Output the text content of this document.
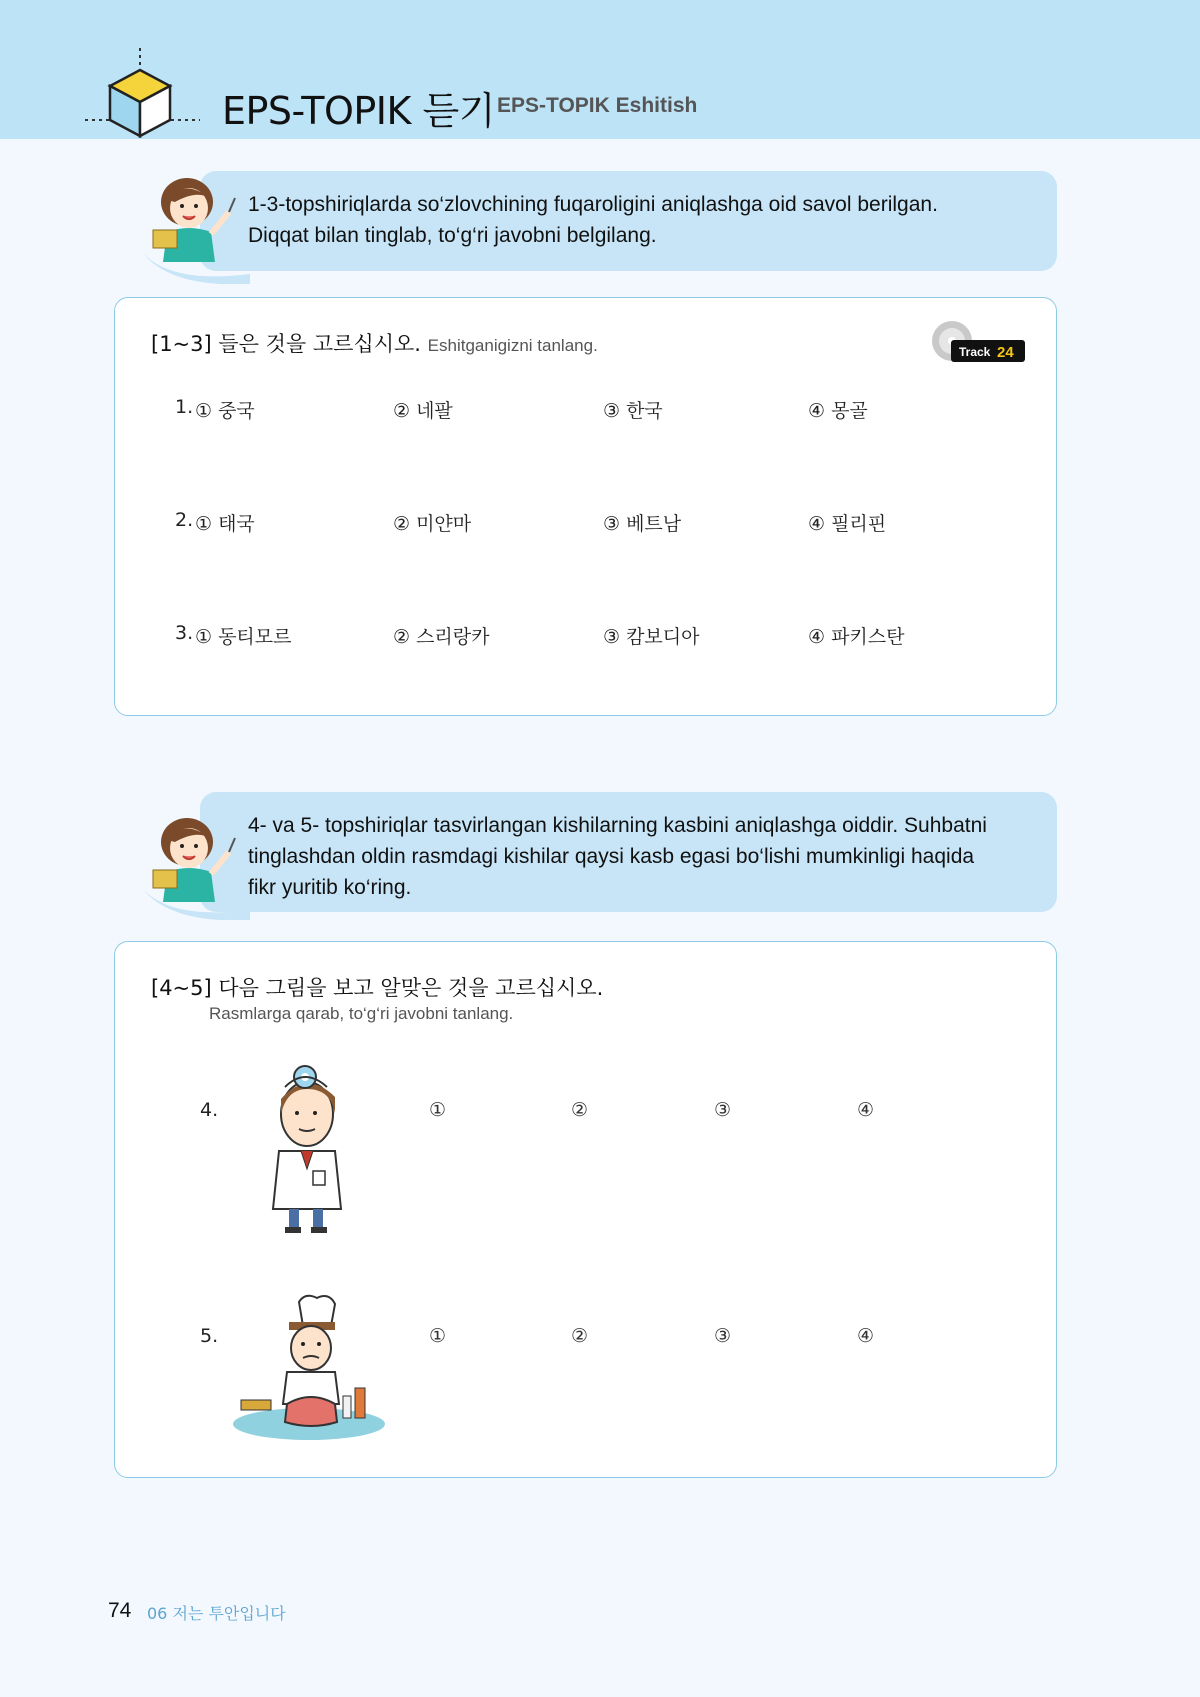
EPS-TOPIK 듣기 EPS-TOPIK Eshitish
1-3-topshiriqlarda so‘zlovchining fuqaroligini aniqlashga oid savol berilgan.
Diqqat bilan tinglab, to‘g‘ri javobni belgilang.
[1~3] 들은 것을 고르십시오. Eshitganigizni tanlang.	Track 24
1. ① 중국	② 네팔	③ 한국	④ 몽골
2. ① 태국	② 미얀마	③ 베트남	④ 필리핀
3. ① 동티모르	② 스리랑카	③ 캄보디아	④ 파키스탄
4- va 5- topshiriqlar tasvirlangan kishilarning kasbini aniqlashga oiddir. Suhbatni
tinglashdan oldin rasmdagi kishilar qaysi kasb egasi bo‘lishi mumkinligi haqida
fikr yuritib ko‘ring.
[4~5] 다음 그림을 보고 알맞은 것을 고르십시오.
Rasmlarga qarab, to‘g‘ri javobni tanlang.
4.	①	②	③	④
5.	①	②	③	④
74 06 저는 투안입니다
